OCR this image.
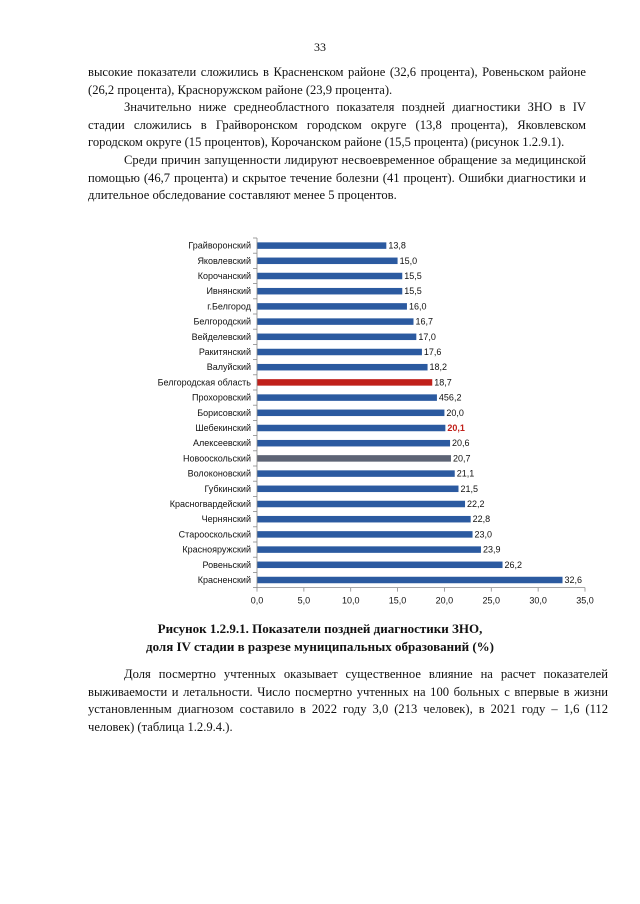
33

высокие показатели сложились в Красненском районе (32,6 процента), Ровеньском районе (26,2 процента), Красноружском районе (23,9 процента).

Значительно ниже среднеобластного показателя поздней диагностики ЗНО в IV стадии сложились в Грайворонском городском округе (13,8 процента), Яковлевском городском округе (15 процентов), Корочанском районе (15,5 процента) (рисунок 1.2.9.1).

Среди причин запущенности лидируют несвоевременное обращение за медицинской помощью (46,7 процента) и скрытое течение болезни (41 процент). Ошибки диагностики и длительное обследование составляют менее 5 процентов.

Грайворонский	13,8
Яковлевский	15,0
Корочанский	15,5
Ивнянский	15,5
г.Белгород	16,0
Белгородский	16,7
Вейделевский	17,0
Ракитянский	17,6
Валуйский	18,2
Белгородская область	18,7
Прохоровский	456,2
Борисовский	20,0
Шебекинский	20,1
Алексеевский	20,6
Новооскольский	20,7
Волоконовский	21,1
Губкинский	21,5
Красногвардейский	22,2
Чернянский	22,8
Старооскольский	23,0
Краснояружский	23,9
Ровеньский	26,2
Красненский	32,6
0,0	5,0	10,0	15,0	20,0	25,0	30,0	35,0
Рисунок 1.2.9.1. Показатели поздней диагностики ЗНО,
доля IV стадии в разрезе муниципальных образований (%)

Доля посмертно учтенных оказывает существенное влияние на расчет показателей выживаемости и летальности. Число посмертно учтенных на 100 больных с впервые в жизни установленным диагнозом составило в 2022 году 3,0 (213 человек), в 2021 году – 1,6 (112 человек) (таблица 1.2.9.4.).
